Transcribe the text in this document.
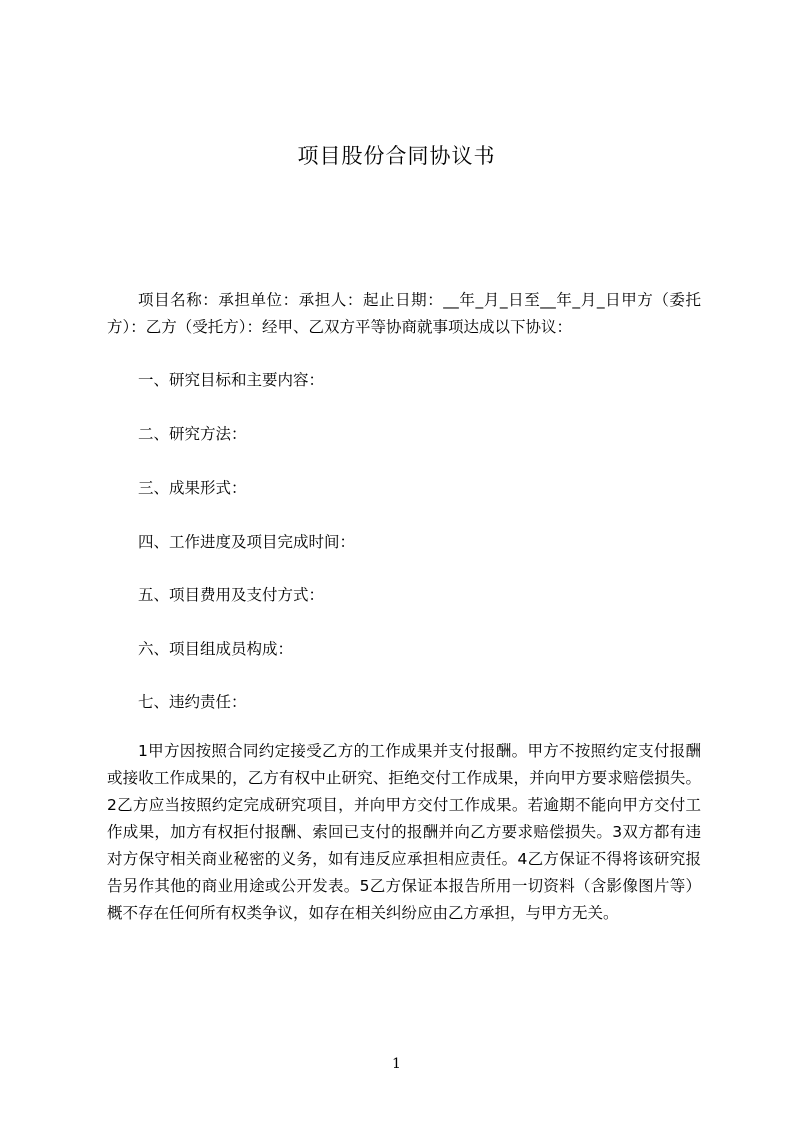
项目股份合同协议书

项目名称：承担单位：承担人：起止日期：__年_月_日至__年_月_日甲方（委托方）：乙方（受托方）：经甲、乙双方平等协商就事项达成以下协议：

一、研究目标和主要内容：

二、研究方法：

三、成果形式：

四、工作进度及项目完成时间：

五、项目费用及支付方式：

六、项目组成员构成：

七、违约责任：

1甲方因按照合同约定接受乙方的工作成果并支付报酬。甲方不按照约定支付报酬或接收工作成果的，乙方有权中止研究、拒绝交付工作成果，并向甲方要求赔偿损失。2乙方应当按照约定完成研究项目，并向甲方交付工作成果。若逾期不能向甲方交付工作成果，加方有权拒付报酬、索回已支付的报酬并向乙方要求赔偿损失。3双方都有违对方保守相关商业秘密的义务，如有违反应承担相应责任。4乙方保证不得将该研究报告另作其他的商业用途或公开发表。5乙方保证本报告所用一切资料（含影像图片等）概不存在任何所有权类争议，如存在相关纠纷应由乙方承担，与甲方无关。

1
